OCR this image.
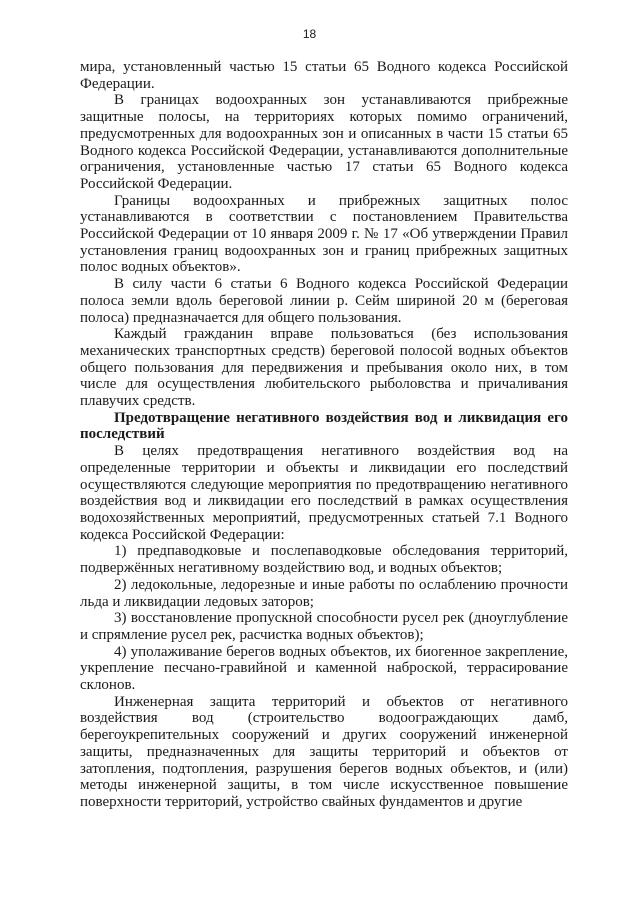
18

мира, установленный частью 15 статьи 65 Водного кодекса Российской Федерации.

В границах водоохранных зон устанавливаются прибрежные защитные полосы, на территориях которых помимо ограничений, предусмотренных для водоохранных зон и описанных в части 15 статьи 65 Водного кодекса Российской Федерации, устанавливаются дополнительные ограничения, установленные частью 17 статьи 65 Водного кодекса Российской Федерации.

Границы водоохранных и прибрежных защитных полос устанавливаются в соответствии с постановлением Правительства Российской Федерации от 10 января 2009 г. № 17 «Об утверждении Правил установления границ водоохранных зон и границ прибрежных защитных полос водных объектов».

В силу части 6 статьи 6 Водного кодекса Российской Федерации полоса земли вдоль береговой линии р. Сейм шириной 20 м (береговая полоса) предназначается для общего пользования.

Каждый гражданин вправе пользоваться (без использования механических транспортных средств) береговой полосой водных объектов общего пользования для передвижения и пребывания около них, в том числе для осуществления любительского рыболовства и причаливания плавучих средств.

Предотвращение негативного воздействия вод и ликвидация его последствий

В целях предотвращения негативного воздействия вод на определенные территории и объекты и ликвидации его последствий осуществляются следующие мероприятия по предотвращению негативного воздействия вод и ликвидации его последствий в рамках осуществления водохозяйственных мероприятий, предусмотренных статьей 7.1 Водного кодекса Российской Федерации:

1) предпаводковые и послепаводковые обследования территорий, подвержённых негативному воздействию вод, и водных объектов;

2) ледокольные, ледорезные и иные работы по ослаблению прочности льда и ликвидации ледовых заторов;

3) восстановление пропускной способности русел рек (дноуглубление и спрямление русел рек, расчистка водных объектов);

4) уполаживание берегов водных объектов, их биогенное закрепление, укрепление песчано-гравийной и каменной наброской, террасирование склонов.

Инженерная защита территорий и объектов от негативного воздействия вод (строительство водоограждающих дамб, берегоукрепительных сооружений и других сооружений инженерной защиты, предназначенных для защиты территорий и объектов от затопления, подтопления, разрушения берегов водных объектов, и (или) методы инженерной защиты, в том числе искусственное повышение поверхности территорий, устройство свайных фундаментов и другие
